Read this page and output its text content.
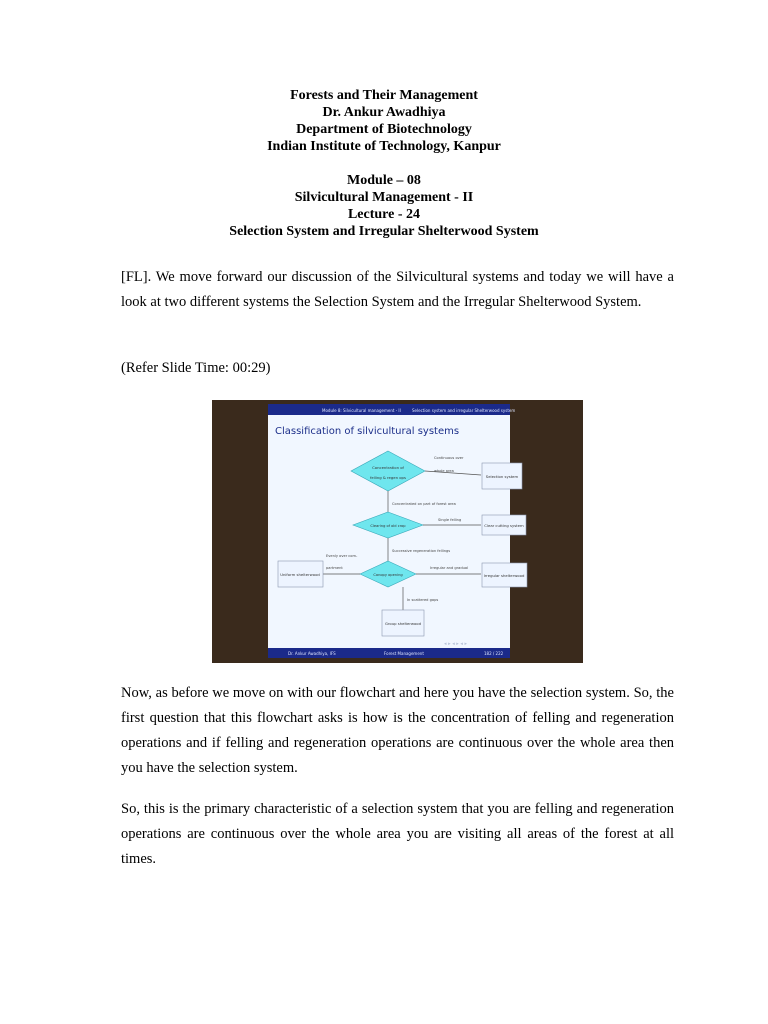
Forests and Their Management
Dr. Ankur Awadhiya
Department of Biotechnology
Indian Institute of Technology, Kanpur
Module – 08
Silvicultural Management - II
Lecture - 24
Selection System and Irregular Shelterwood System

[FL]. We move forward our discussion of the Silvicultural systems and today we will have a look at two different systems the Selection System and the Irregular Shelterwood System.

(Refer Slide Time: 00:29)

Module 8: Silvicultural management - II	Selection system and irregular Shelterwood system
Classification of silvicultural systems
Concentration of
felling & regen ops
Continuous over
whole area
Selection system
Concentrated on part of forest area
Clearing of old crop
Single felling
Clear cutting system
Successive regeneration fellings
Canopy opening
Evenly over com-
partment
Uniform shelterwood
Irregular and gradual
Irregular shelterwood
In scattered gaps
Group shelterwood
◂ ▸ ◂ ▸ ◂ ▸
Dr. Ankur Awadhiya, IFS	Forest Management	182 / 222

Now, as before we move on with our flowchart and here you have the selection system. So, the first question that this flowchart asks is how is the concentration of felling and regeneration operations and if felling and regeneration operations are continuous over the whole area then you have the selection system.

So, this is the primary characteristic of a selection system that you are felling and regeneration operations are continuous over the whole area you are visiting all areas of the forest at all times.
